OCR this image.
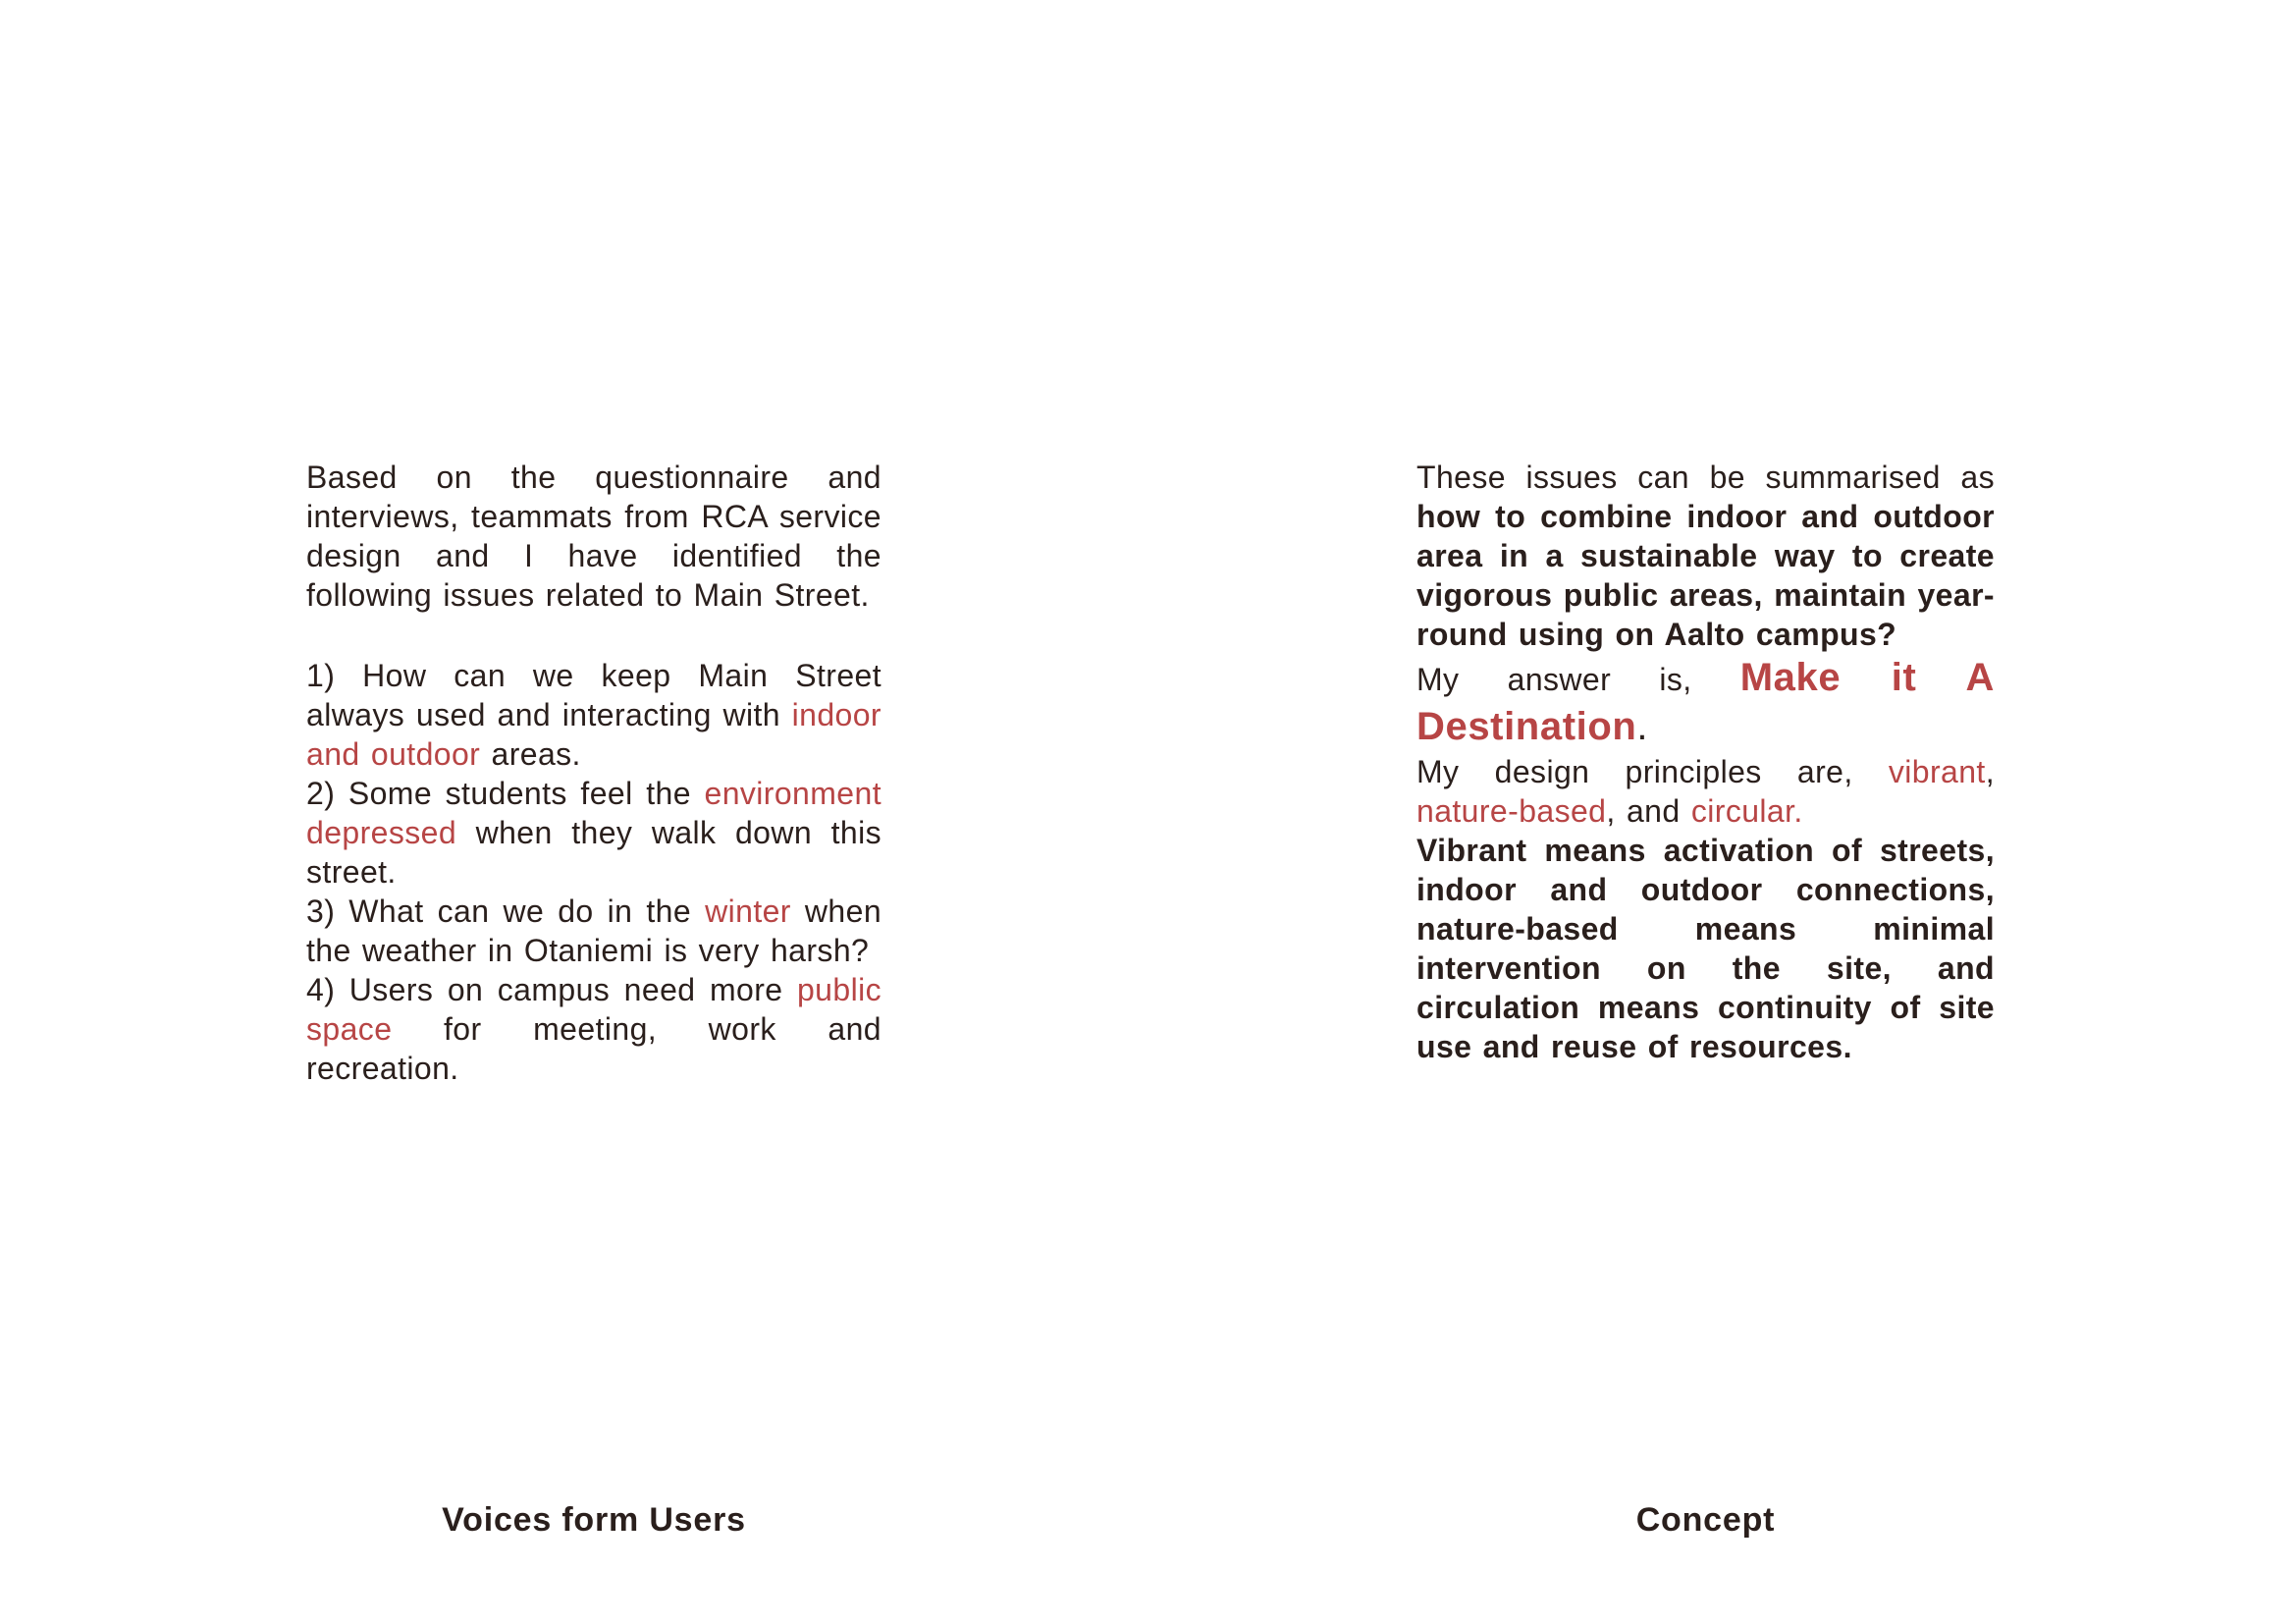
Based on the questionnaire and interviews, teammats from RCA service design and I have identified the following issues related to Main Street.

1) How can we keep Main Street always used and interacting with indoor and outdoor areas.

2) Some students feel the environment depressed when they walk down this street.

3) What can we do in the winter when the weather in Otaniemi is very harsh?

4) Users on campus need more public space for meeting, work and recreation.

These issues can be summarised as how to combine indoor and outdoor area in a sustainable way to create vigorous public areas, maintain year-round using on Aalto campus?

My answer is, Make it A Destination.

My design principles are, vibrant, nature-based, and circular.

Vibrant means activation of streets, indoor and outdoor connections, nature-based means minimal intervention on the site, and circulation means continuity of site use and reuse of resources.

Voices form Users	Concept
